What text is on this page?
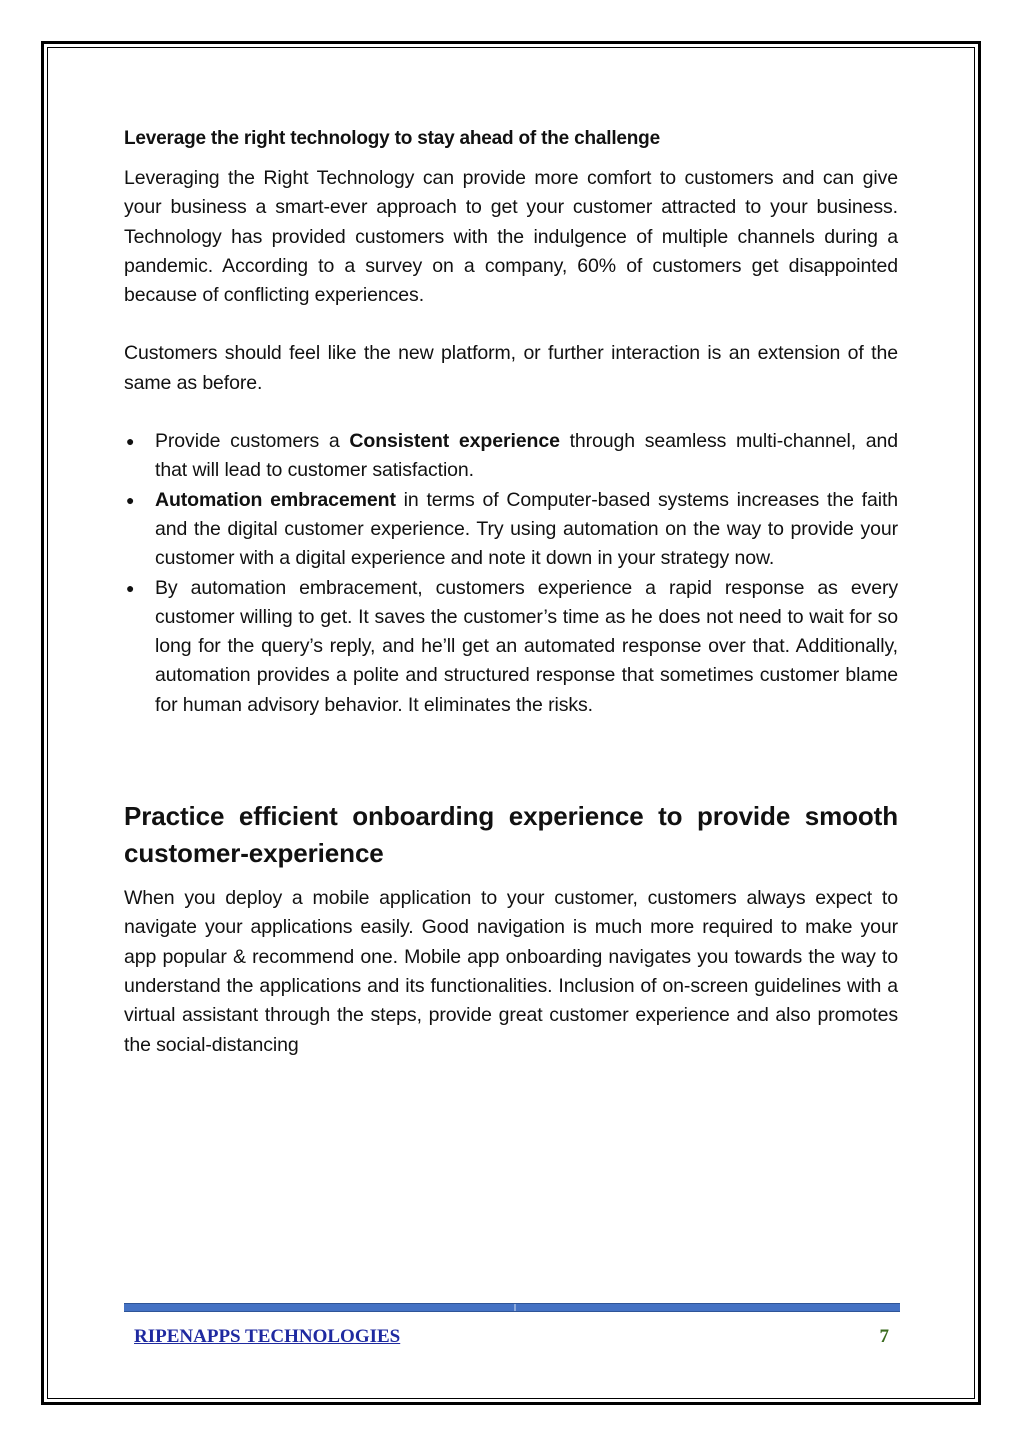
Leverage the right technology to stay ahead of the challenge

Leveraging the Right Technology can provide more comfort to customers and can give your business a smart-ever approach to get your customer attracted to your business. Technology has provided customers with the indulgence of multiple channels during a pandemic. According to a survey on a company, 60% of customers get disappointed because of conflicting experiences.

Customers should feel like the new platform, or further interaction is an extension of the same as before.

● Provide customers a Consistent experience through seamless multi-channel, and that will lead to customer satisfaction.
● Automation embracement in terms of Computer-based systems increases the faith and the digital customer experience. Try using automation on the way to provide your customer with a digital experience and note it down in your strategy now.
● By automation embracement, customers experience a rapid response as every customer willing to get. It saves the customer’s time as he does not need to wait for so long for the query’s reply, and he’ll get an automated response over that. Additionally, automation provides a polite and structured response that sometimes customer blame for human advisory behavior. It eliminates the risks.
Practice efficient onboarding experience to provide smooth customer-experience

When you deploy a mobile application to your customer, customers always expect to navigate your applications easily. Good navigation is much more required to make your app popular & recommend one. Mobile app onboarding navigates you towards the way to understand the applications and its functionalities. Inclusion of on-screen guidelines with a virtual assistant through the steps, provide great customer experience and also promotes the social-distancing

RIPENAPPS TECHNOLOGIES	7
